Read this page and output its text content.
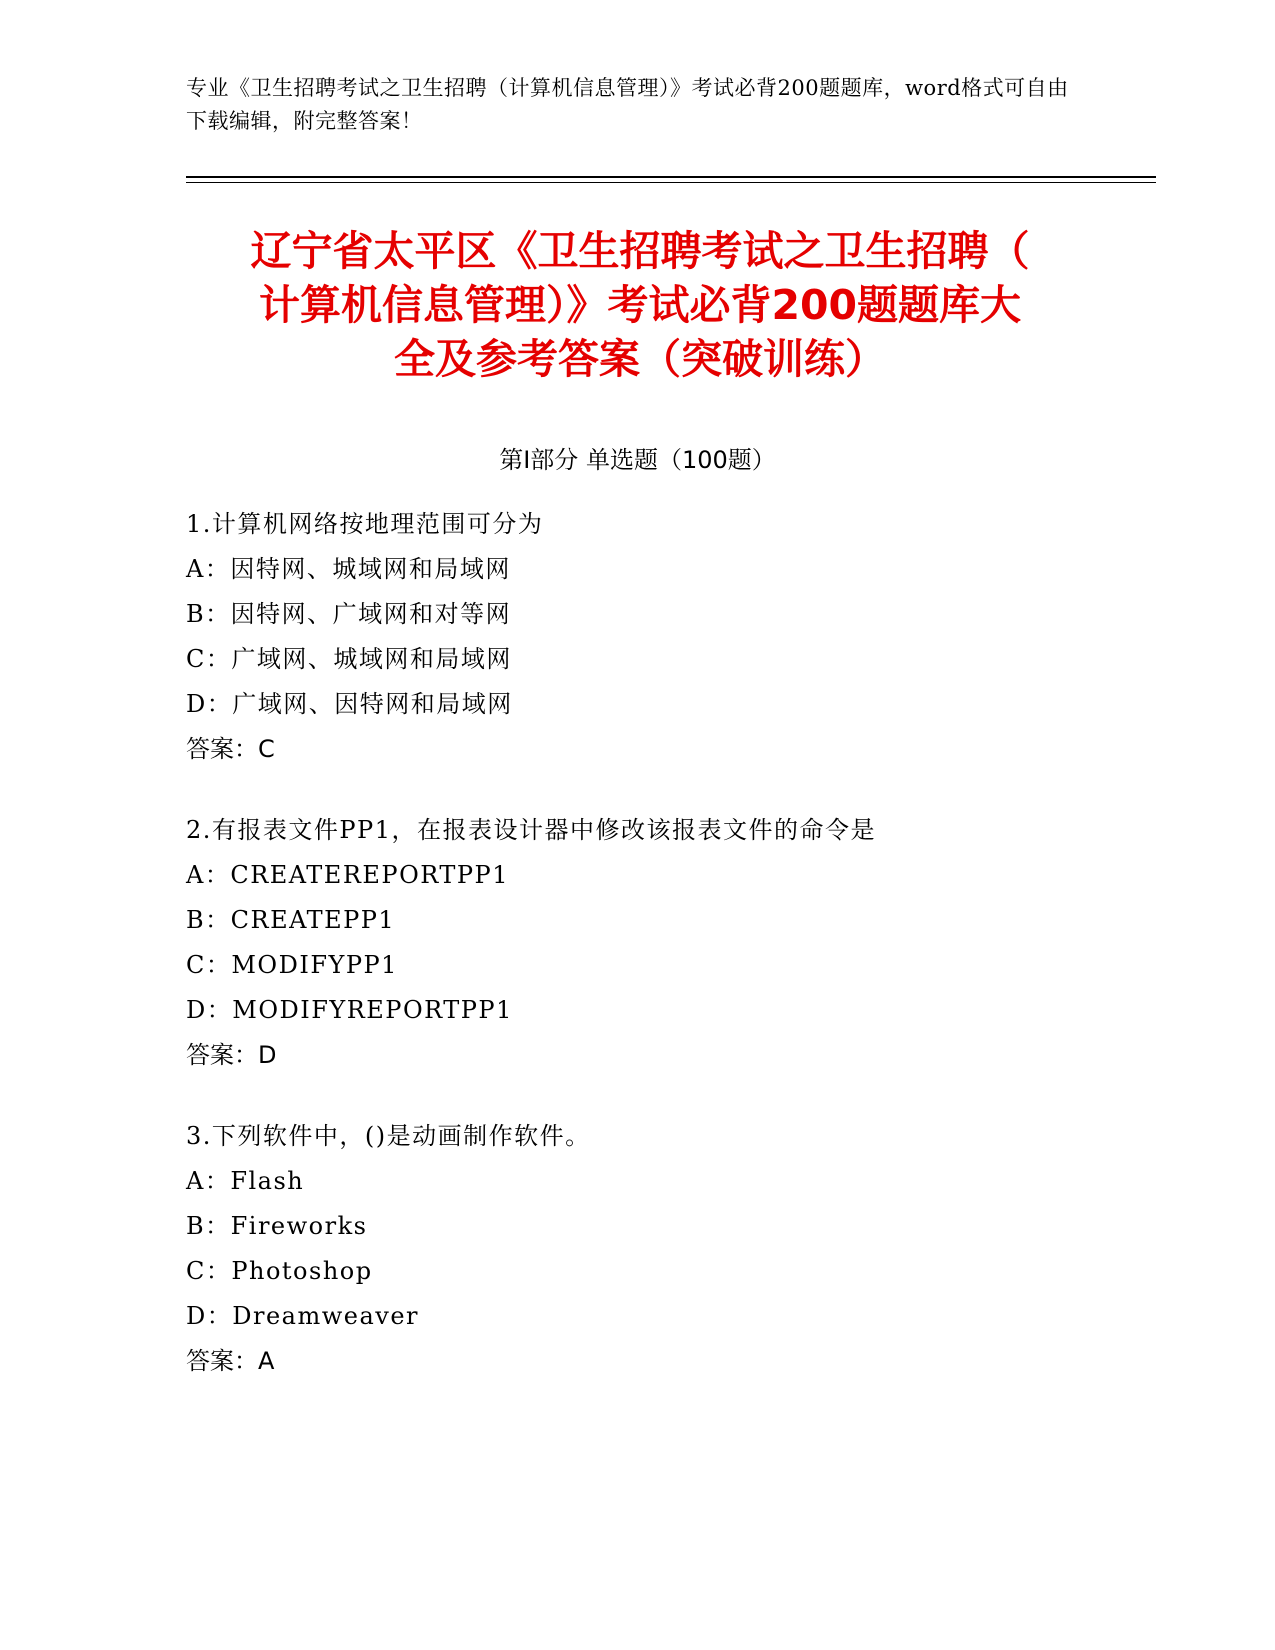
专业《卫生招聘考试之卫生招聘（计算机信息管理）》考试必背200题题库，word格式可自由下载编辑，附完整答案！
辽宁省太平区《卫生招聘考试之卫生招聘（
计算机信息管理）》考试必背200题题库大
全及参考答案（突破训练）
第Ⅰ部分 单选题（100题）
1.计算机网络按地理范围可分为
A：因特网、城域网和局域网
B：因特网、广域网和对等网
C：广域网、城域网和局域网
D：广域网、因特网和局域网
答案：C
2.有报表文件PP1，在报表设计器中修改该报表文件的命令是
A：CREATEREPORTPP1
B：CREATEPP1
C：MODIFYPP1
D：MODIFYREPORTPP1
答案：D
3.下列软件中，()是动画制作软件。
A：Flash
B：Fireworks
C：Photoshop
D：Dreamweaver
答案：A
